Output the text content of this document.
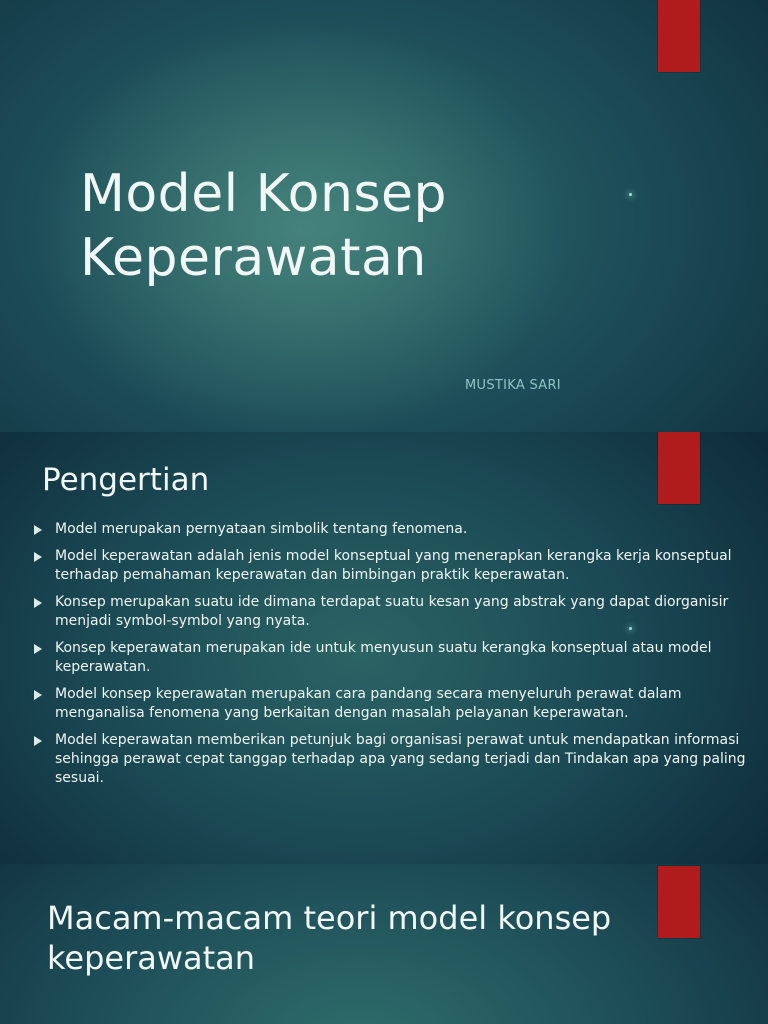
Model Konsep
Keperawatan
MUSTIKA SARI
Pengertian
Model merupakan pernyataan simbolik tentang fenomena.
Model keperawatan adalah jenis model konseptual yang menerapkan kerangka kerja konseptual terhadap pemahaman keperawatan dan bimbingan praktik keperawatan.
Konsep merupakan suatu ide dimana terdapat suatu kesan yang abstrak yang dapat diorganisir menjadi symbol-symbol yang nyata.
Konsep keperawatan merupakan ide untuk menyusun suatu kerangka konseptual atau model keperawatan.
Model konsep keperawatan merupakan cara pandang secara menyeluruh perawat dalam menganalisa fenomena yang berkaitan dengan masalah pelayanan keperawatan.
Model keperawatan memberikan petunjuk bagi organisasi perawat untuk mendapatkan informasi sehingga perawat cepat tanggap terhadap apa yang sedang terjadi dan Tindakan apa yang paling sesuai.
Macam-macam teori model konsep
keperawatan
